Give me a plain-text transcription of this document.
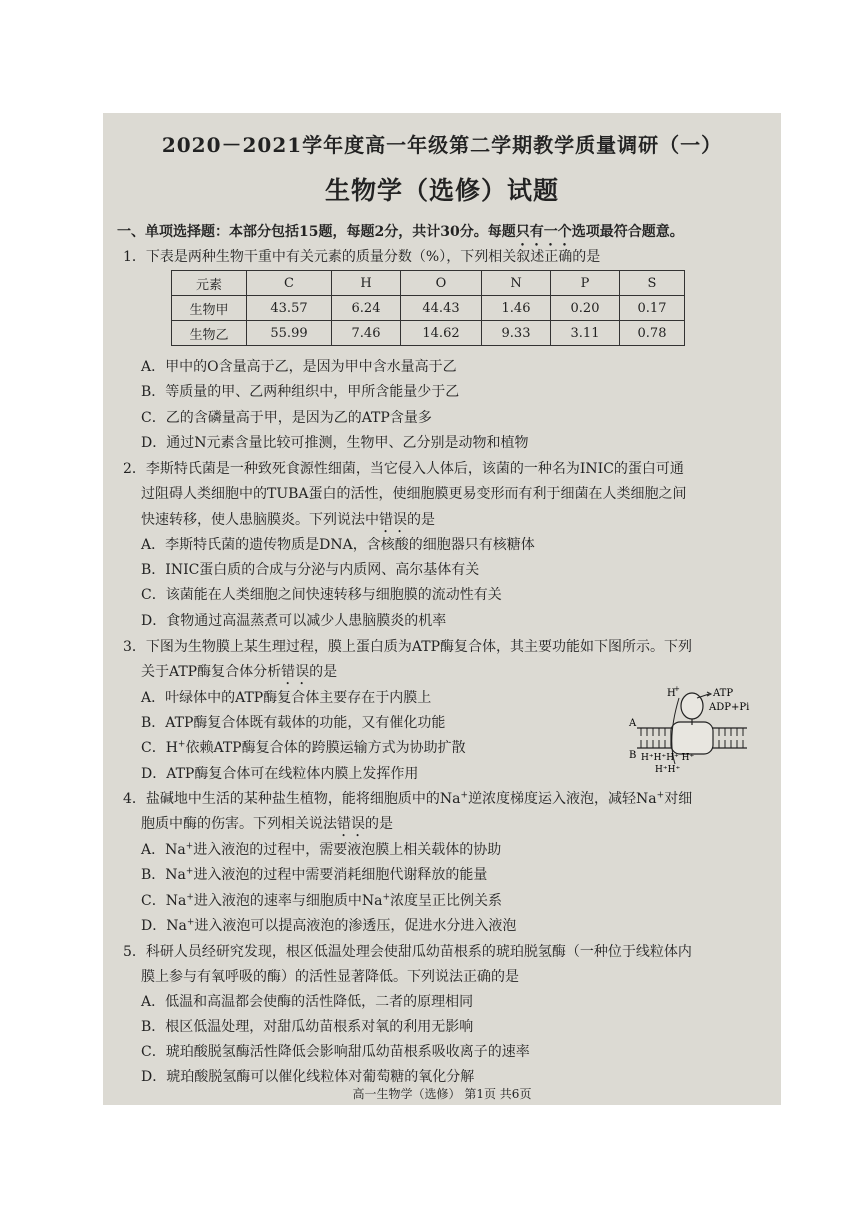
2020－2021学年度高一年级第二学期教学质量调研（一）
生物学（选修）试题
一、单项选择题：本部分包括15题，每题2分，共计30分。每题只有一个选项最符合题意。
1．下表是两种生物干重中有关元素的质量分数（%），下列相关叙述正确的是
元素	C	H	O	N	P	S
生物甲	43.57	6.24	44.43	1.46	0.20	0.17
生物乙	55.99	7.46	14.62	9.33	3.11	0.78
A．甲中的O含量高于乙，是因为甲中含水量高于乙
B．等质量的甲、乙两种组织中，甲所含能量少于乙
C．乙的含磷量高于甲，是因为乙的ATP含量多
D．通过N元素含量比较可推测，生物甲、乙分别是动物和植物
2．李斯特氏菌是一种致死食源性细菌，当它侵入人体后，该菌的一种名为INIC的蛋白可通
过阻碍人类细胞中的TUBA蛋白的活性，使细胞膜更易变形而有利于细菌在人类细胞之间
快速转移，使人患脑膜炎。下列说法中错误的是
A．李斯特氏菌的遗传物质是DNA，含核酸的细胞器只有核糖体
B．INIC蛋白质的合成与分泌与内质网、高尔基体有关
C．该菌能在人类细胞之间快速转移与细胞膜的流动性有关
D．食物通过高温蒸煮可以减少人患脑膜炎的机率
3．下图为生物膜上某生理过程，膜上蛋白质为ATP酶复合体，其主要功能如下图所示。下列
关于ATP酶复合体分析错误的是
A．叶绿体中的ATP酶复合体主要存在于内膜上
B．ATP酶复合体既有载体的功能，又有催化功能
C．H+依赖ATP酶复合体的跨膜运输方式为协助扩散
D．ATP酶复合体可在线粒体内膜上发挥作用
H
+	ATP
ADP+Pi
A
B H⁺H⁺H⁺ H⁺
H⁺H⁺
4．盐碱地中生活的某种盐生植物，能将细胞质中的Na+逆浓度梯度运入液泡，减轻Na+对细
胞质中酶的伤害。下列相关说法错误的是
A．Na+进入液泡的过程中，需要液泡膜上相关载体的协助
B．Na+进入液泡的过程中需要消耗细胞代谢释放的能量
C．Na+进入液泡的速率与细胞质中Na+浓度呈正比例关系
D．Na+进入液泡可以提高液泡的渗透压，促进水分进入液泡
5．科研人员经研究发现，根区低温处理会使甜瓜幼苗根系的琥珀脱氢酶（一种位于线粒体内
膜上参与有氧呼吸的酶）的活性显著降低。下列说法正确的是
A．低温和高温都会使酶的活性降低，二者的原理相同
B．根区低温处理，对甜瓜幼苗根系对氧的利用无影响
C．琥珀酸脱氢酶活性降低会影响甜瓜幼苗根系吸收离子的速率
D．琥珀酸脱氢酶可以催化线粒体对葡萄糖的氧化分解
高一生物学（选修） 第1页 共6页
